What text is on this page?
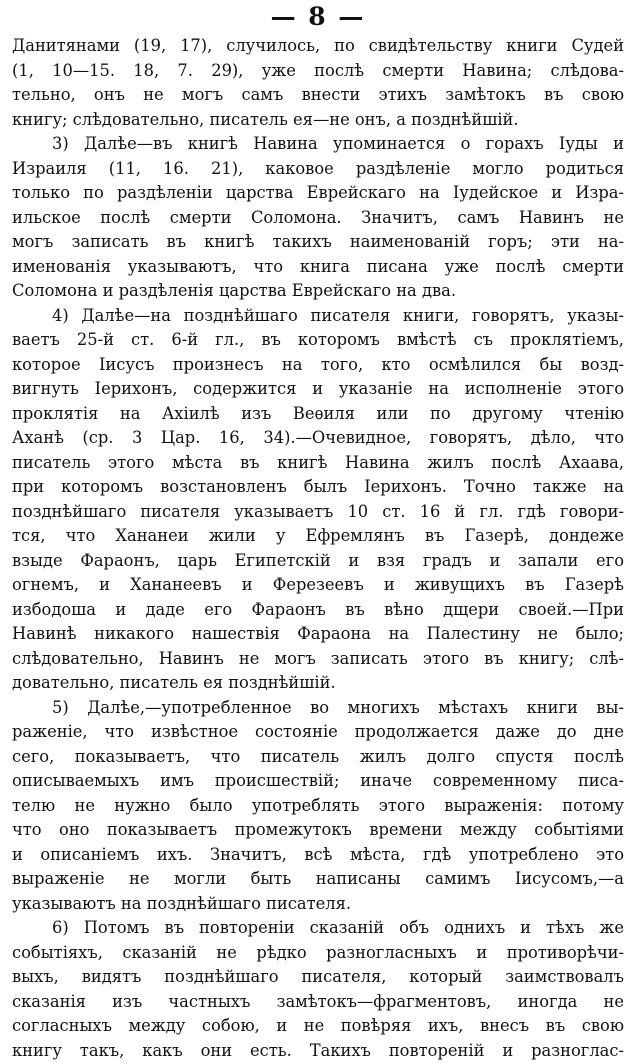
— 8 —
Данитянами (19, 17), случилось, по свидѣтельству книги Судей
(1, 10—15. 18, 7. 29), уже послѣ смерти Навина; слѣдова-
тельно, онъ не могъ самъ внести этихъ замѣтокъ въ свою
книгу; слѣдовательно, писатель ея—не онъ, а позднѣйшій.
3) Далѣе—въ книгѣ Навина упоминается о горахъ Іуды и
Израиля (11, 16. 21), каковое раздѣленіе могло родиться
только по раздѣленіи царства Еврейскаго на Іудейское и Изра-
ильское послѣ смерти Соломона. Значитъ, самъ Навинъ не
могъ записать въ книгѣ такихъ наименованій горъ; эти на-
именованія указываютъ, что книга писана уже послѣ смерти
Соломона и раздѣленія царства Еврейскаго на два.
4) Далѣе—на позднѣйшаго писателя книги, говорятъ, указы-
ваетъ 25-й ст. 6-й гл., въ которомъ вмѣстѣ съ проклятіемъ,
которое Іисусъ произнесъ на того, кто осмѣлился бы возд-
вигнуть Іерихонъ, содержится и указаніе на исполненіе этого
проклятія на Ахіилѣ изъ Веѳиля или по другому чтенію
Аханѣ (ср. 3 Цар. 16, 34).—Очевидное, говорятъ, дѣло, что
писатель этого мѣста въ книгѣ Навина жилъ послѣ Ахаава,
при которомъ возстановленъ былъ Іерихонъ. Точно также на
позднѣйшаго писателя указываетъ 10 ст. 16 й гл. гдѣ говори-
тся, что Хананеи жили у Ефремлянъ въ Газерѣ, дондеже
взыде Фараонъ, царь Египетскій и взя градъ и запали его
огнемъ, и Хананеевъ и Ферезеевъ и живущихъ въ Газерѣ
избодоша и даде его Фараонъ въ вѣно дщери своей.—При
Навинѣ никакого нашествія Фараона на Палестину не было;
слѣдовательно, Навинъ не могъ записать этого въ книгу; слѣ-
довательно, писатель ея позднѣйшій.
5) Далѣе,—употребленное во многихъ мѣстахъ книги вы-
раженіе, что извѣстное состояніе продолжается даже до дне
сего, показываетъ, что писатель жилъ долго спустя послѣ
описываемыхъ имъ происшествій; иначе современному писа-
телю не нужно было употреблять этого выраженія: потому
что оно показываетъ промежутокъ времени между событіями
и описаніемъ ихъ. Значитъ, всѣ мѣста, гдѣ употреблено это
выраженіе не могли быть написаны самимъ Іисусомъ,—а
указываютъ на позднѣйшаго писателя.
6) Потомъ въ повтореніи сказаній объ однихъ и тѣхъ же
событіяхъ, сказаній не рѣдко разногласныхъ и противорѣчи-
выхъ, видятъ позднѣйшаго писателя, который заимствовалъ
сказанія изъ частныхъ замѣтокъ—фрагментовъ, иногда не
согласныхъ между собою, и не повѣряя ихъ, внесъ въ свою
книгу такъ, какъ они есть. Такихъ повтореній и разноглас-
